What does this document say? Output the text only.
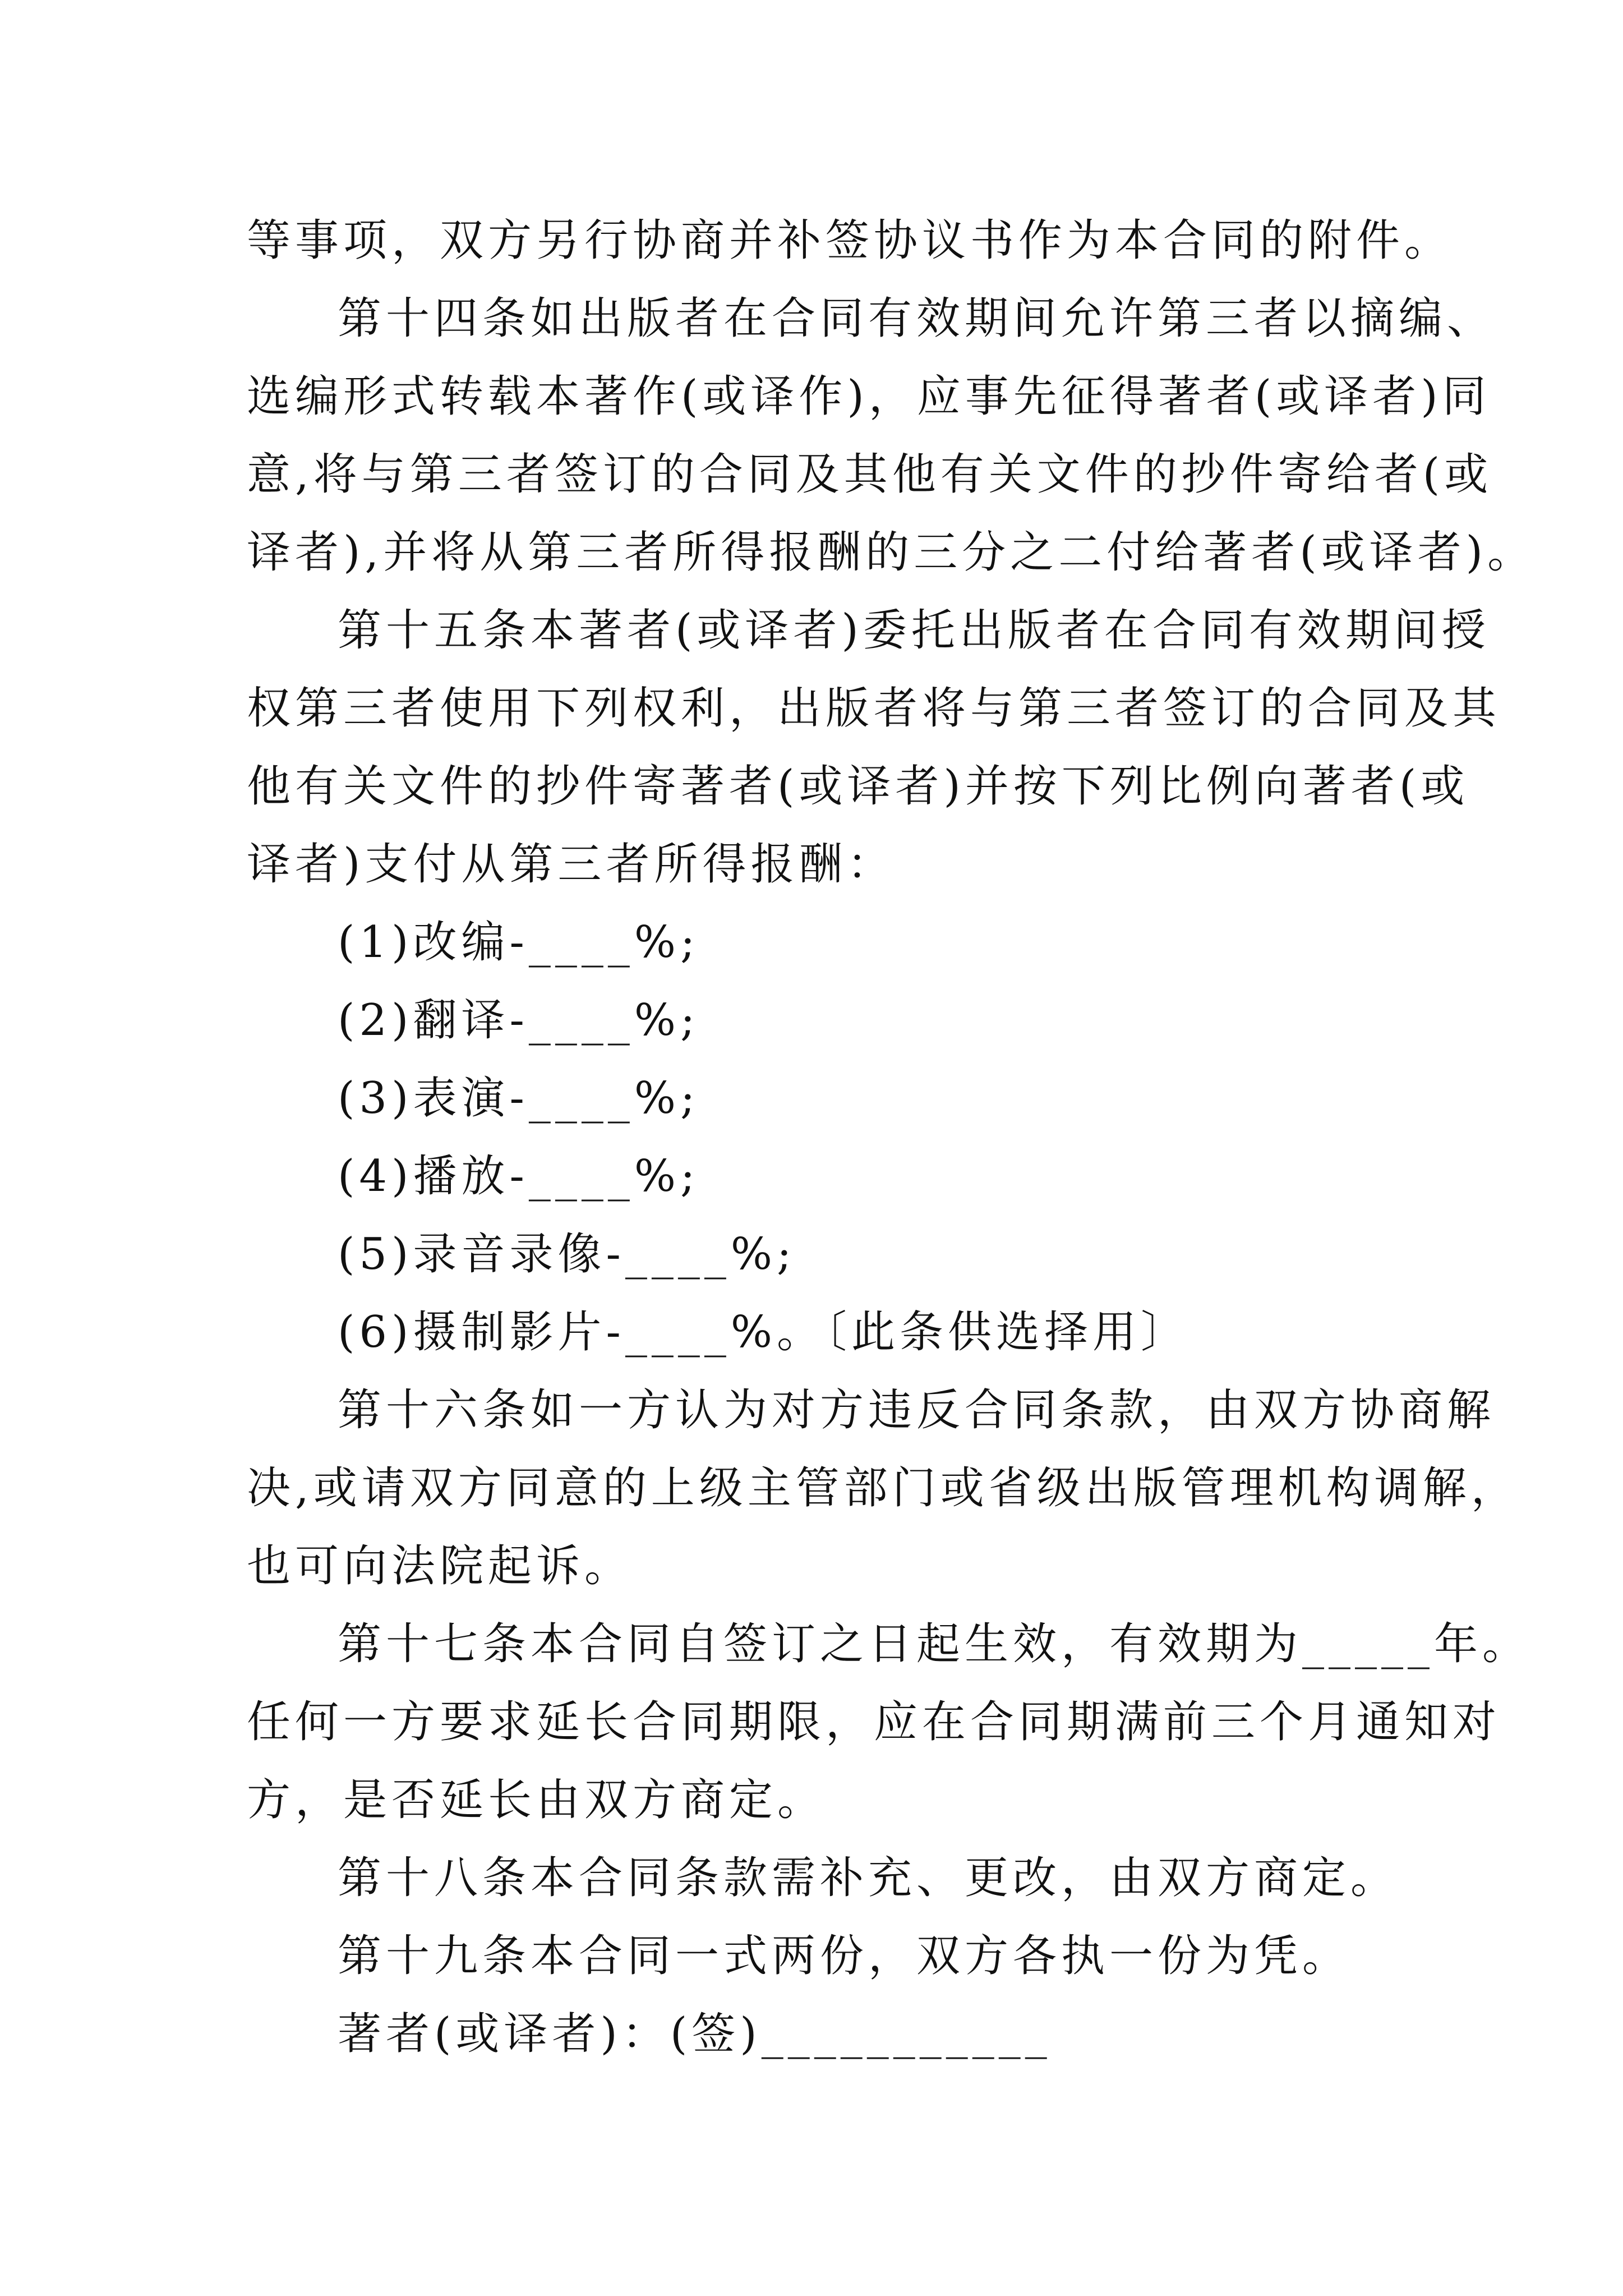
等事项，双方另行协商并补签协议书作为本合同的附件。

第十四条如出版者在合同有效期间允许第三者以摘编、

选编形式转载本著作(或译作)，应事先征得著者(或译者)同

意,将与第三者签订的合同及其他有关文件的抄件寄给者(或

译者),并将从第三者所得报酬的三分之二付给著者(或译者)。

第十五条本著者(或译者)委托出版者在合同有效期间授

权第三者使用下列权利，出版者将与第三者签订的合同及其

他有关文件的抄件寄著者(或译者)并按下列比例向著者(或

译者)支付从第三者所得报酬：

(1)改编-____%;

(2)翻译-____%;

(3)表演-____%;

(4)播放-____%;

(5)录音录像-____%;

(6)摄制影片-____%。〔此条供选择用〕

第十六条如一方认为对方违反合同条款，由双方协商解

决,或请双方同意的上级主管部门或省级出版管理机构调解，

也可向法院起诉。

第十七条本合同自签订之日起生效，有效期为_____年。

任何一方要求延长合同期限，应在合同期满前三个月通知对

方，是否延长由双方商定。

第十八条本合同条款需补充、更改，由双方商定。

第十九条本合同一式两份，双方各执一份为凭。

著者(或译者)：(签)___________
